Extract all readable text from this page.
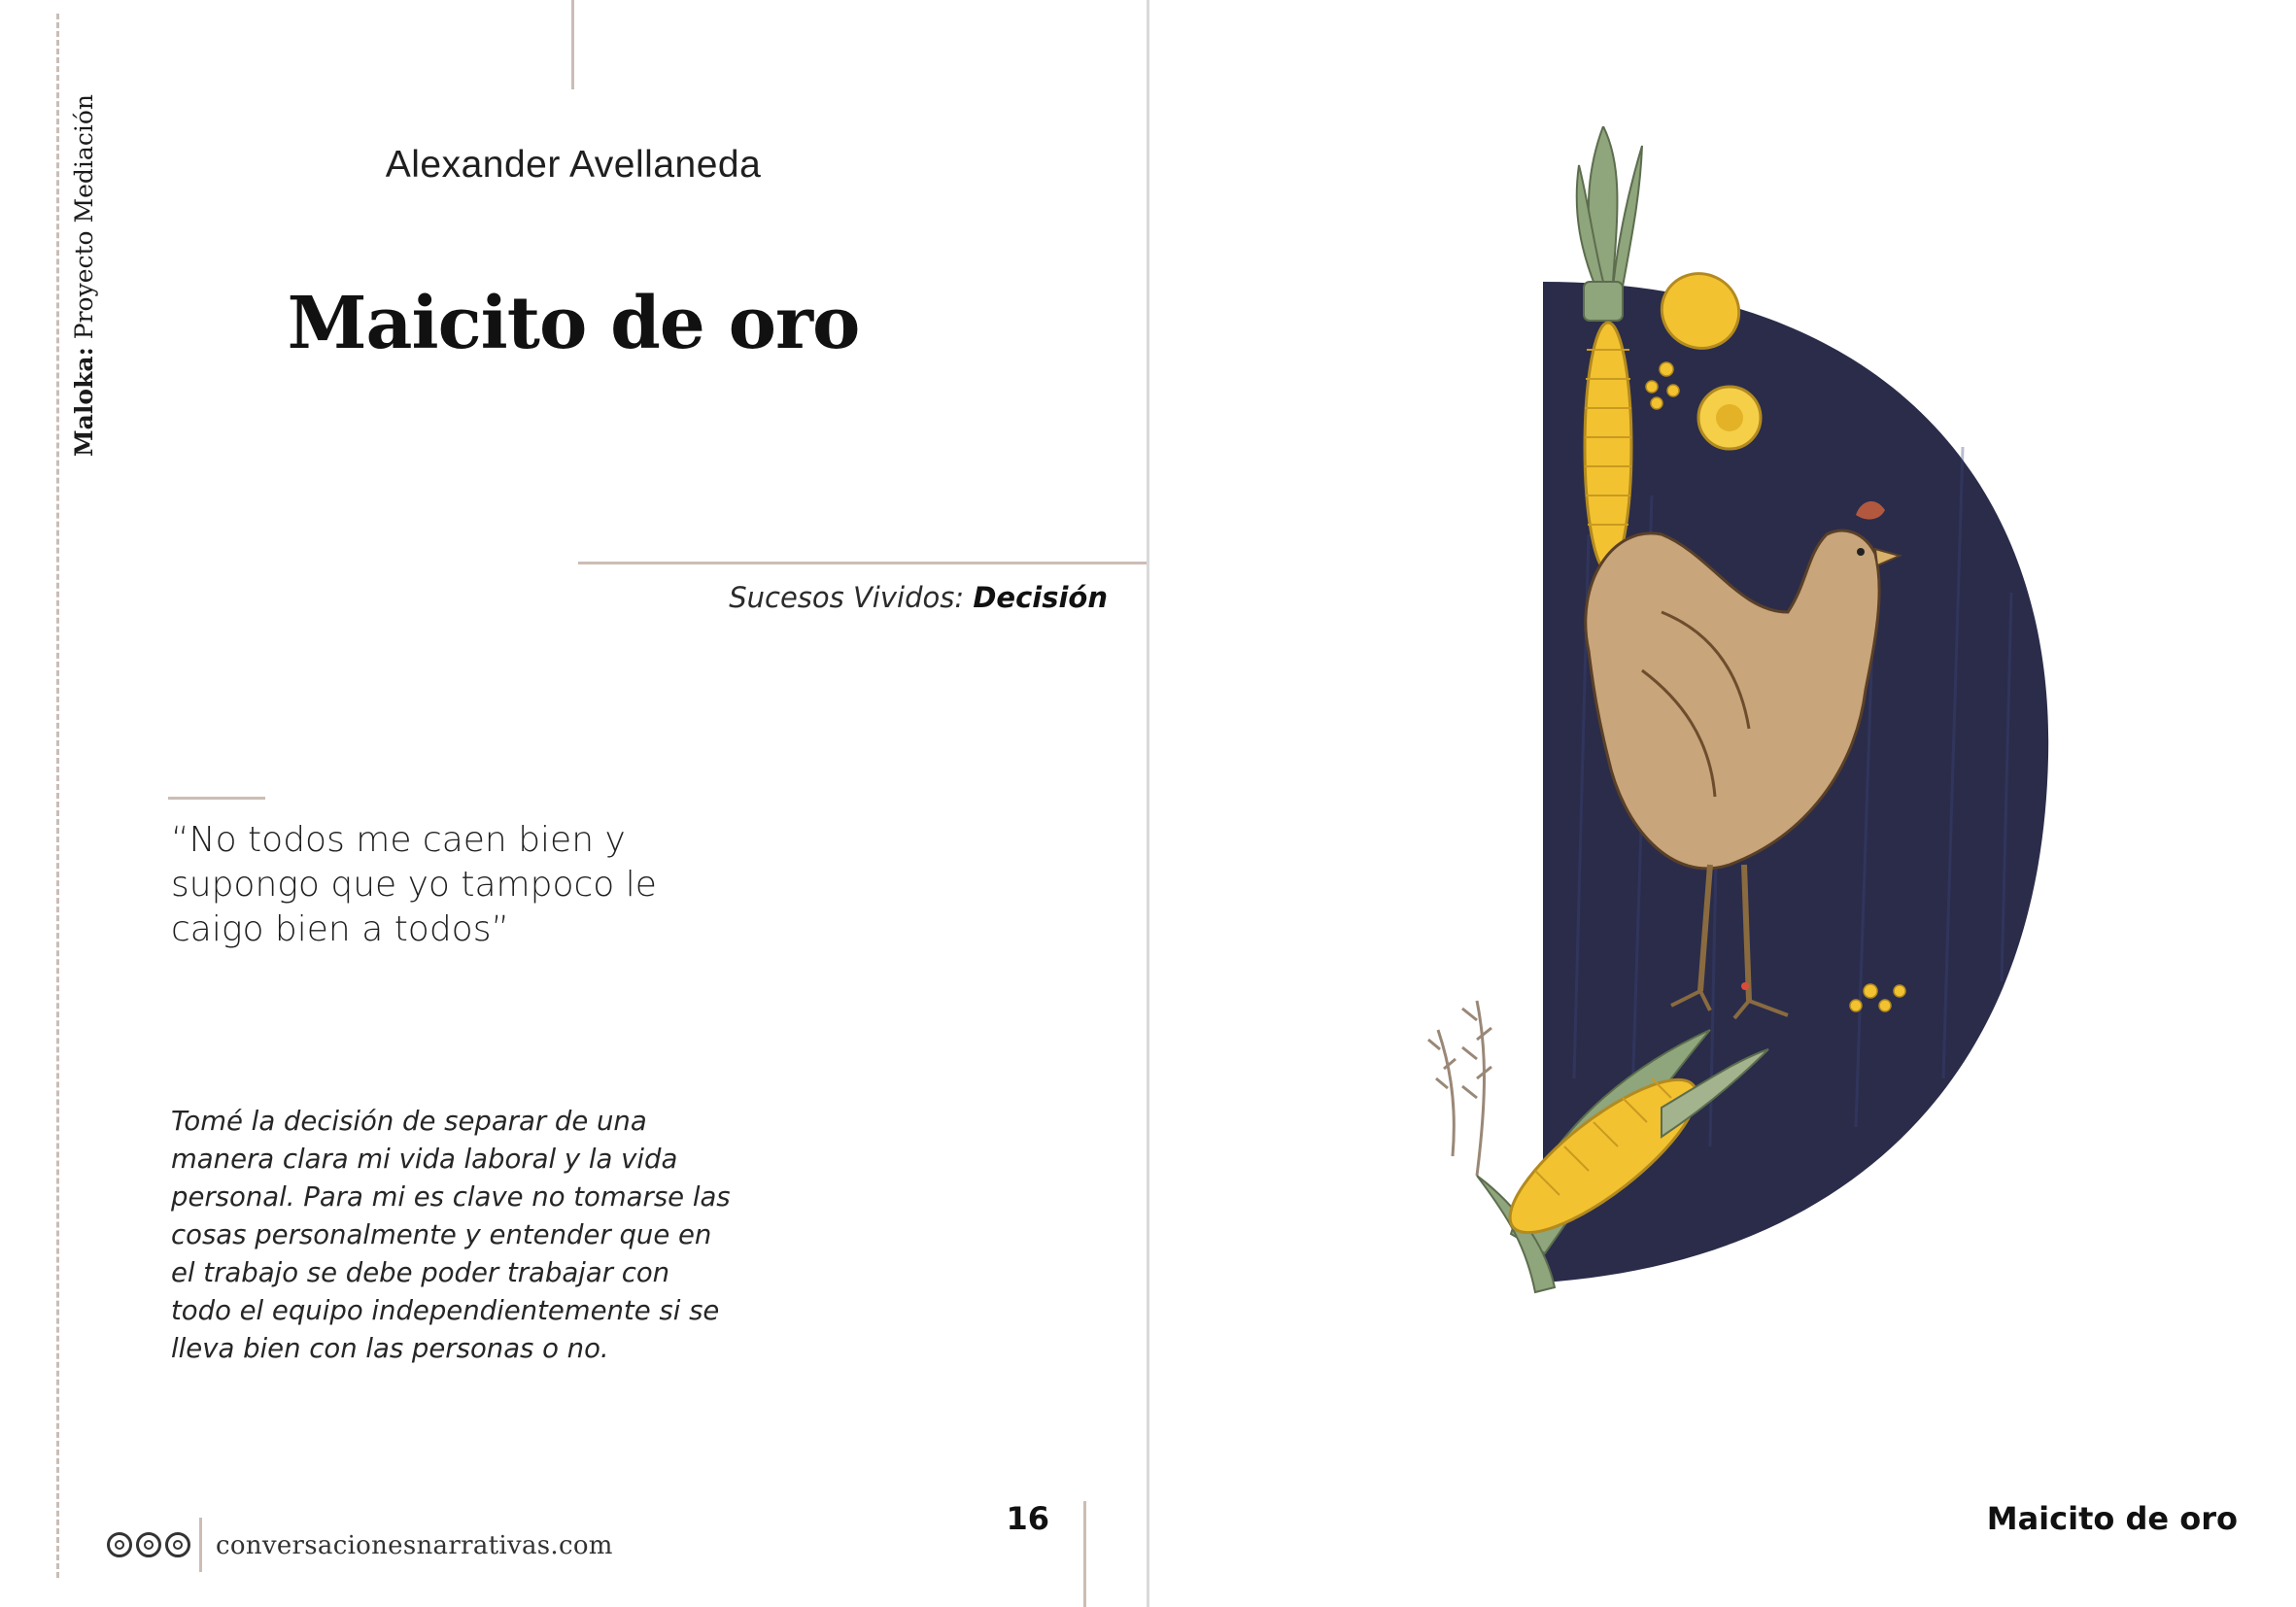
Maloka: Proyecto Mediación	Alexander Avellaneda
Maicito de oro
Sucesos Vividos: Decisión
“No todos me caen bien y supongo que yo tampoco le caigo bien a todos”

Tomé la decisión de separar de una manera clara mi vida laboral y la vida personal. Para mi es clave no tomarse las cosas personalmente y entender que en el trabajo se debe poder trabajar con todo el equipo independientemente si se lleva bien con las personas o no.

conversacionesnarrativas.com
16	Maicito de oro
